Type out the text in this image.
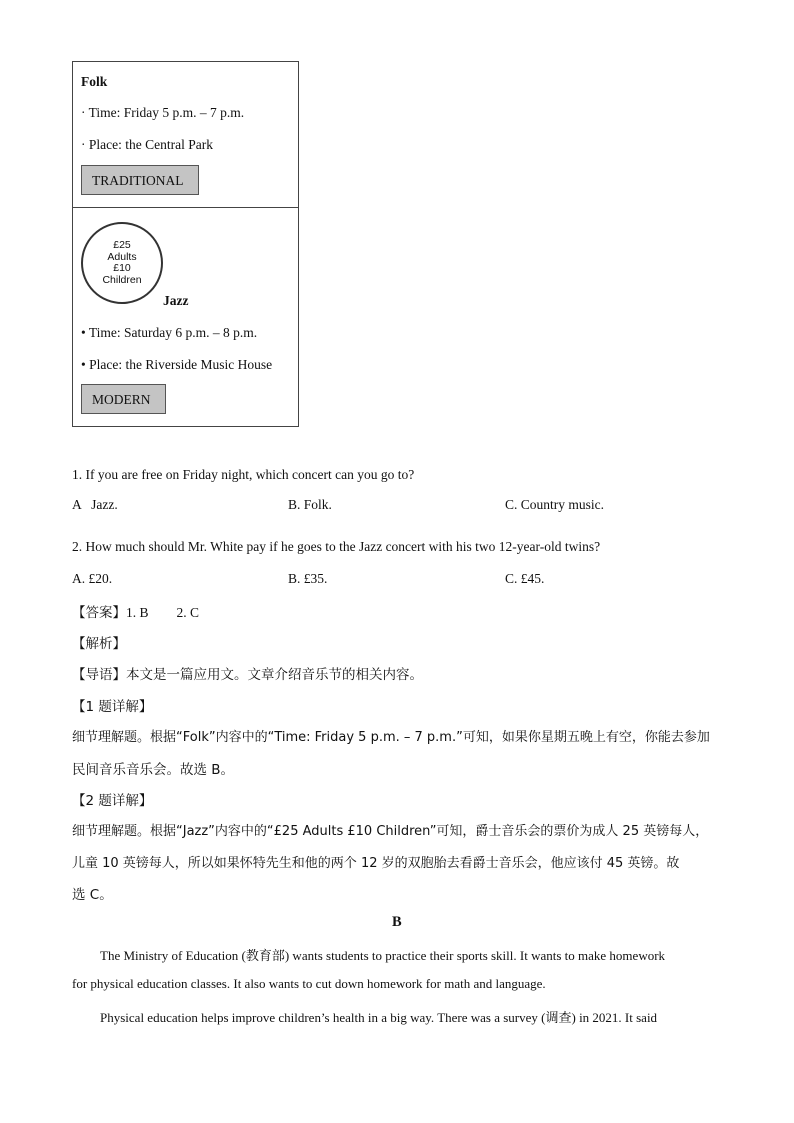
Folk
· Time: Friday 5 p.m. – 7 p.m.
· Place: the Central Park
TRADITIONAL
£25
Adults
£10
Children
Jazz
• Time: Saturday 6 p.m. – 8 p.m.
• Place: the Riverside Music House
MODERN
1. If you are free on Friday night, which concert can you go to?
A   Jazz.	B. Folk.	C. Country music.
2. How much should Mr. White pay if he goes to the Jazz concert with his two 12-year-old twins?
A. £20.	B. £35.	C. £45.
【答案】1. B 2. C
【解析】
【导语】本文是一篇应用文。文章介绍音乐节的相关内容。
【1 题详解】
细节理解题。根据“Folk”内容中的“Time: Friday 5 p.m. – 7 p.m.”可知，如果你星期五晚上有空，你能去参加
民间音乐音乐会。故选 B。
【2 题详解】
细节理解题。根据“Jazz”内容中的“£25 Adults £10 Children”可知，爵士音乐会的票价为成人 25 英镑每人，
儿童 10 英镑每人，所以如果怀特先生和他的两个 12 岁的双胞胎去看爵士音乐会，他应该付 45 英镑。故
选 C。
B
The Ministry of Education (教育部) wants students to practice their sports skill. It wants to make homework
for physical education classes. It also wants to cut down homework for math and language.
Physical education helps improve children’s health in a big way. There was a survey (调查) in 2021. It said
